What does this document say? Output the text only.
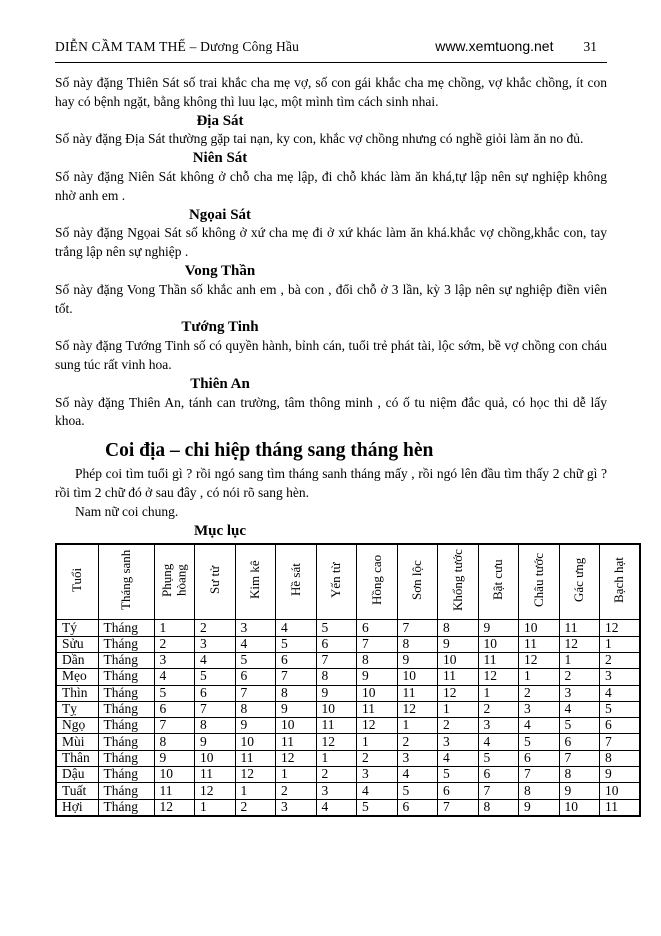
DIỄN CẦM TAM THẾ – Dương Công Hầu	www.xemtuong.net 31

Số này đặng Thiên Sát số trai khắc cha mẹ vợ, số con gái khắc cha mẹ chồng, vợ khắc chồng, ít con hay có bệnh ngặt, bằng không thì luu lạc, một mình tìm cách sinh nhai.

Địa Sát

Số này đặng Địa Sát thường gặp tai nạn, ky con, khắc vợ chồng nhưng có nghề giỏi làm ăn no đủ.

Niên Sát

Số này đặng Niên Sát không ở chỗ cha mẹ lập, đi chỗ khác làm ăn khá,tự lập nên sự nghiệp không nhờ anh em .

Ngọai Sát

Số này đặng Ngọai Sát số không ở xứ cha mẹ đi ở xứ khác làm ăn khá.khắc vợ chồng,khắc con, tay trắng lập nên sự nghiệp .

Vong Thần

Số này đặng Vong Thần số khắc anh em , bà con , đổi chỗ ở 3 lần, kỳ 3 lập nên sự nghiệp điền viên tốt.

Tướng Tinh

Số này đặng Tướng Tinh số có quyền hành, bỉnh cán, tuổi trẻ phát tài, lộc sớm, bề vợ chồng con cháu sung túc rất vinh hoa.

Thiên An

Số này đặng Thiên An, tánh can trường, tâm thông minh , có ố tu niệm đắc quả, có học thi dễ lấy khoa.

Coi địa – chi hiệp tháng sang tháng hèn

Phép coi tìm tuổi gì ? rồi ngó sang tìm tháng sanh tháng mấy , rồi ngó lên đầu tìm thấy 2 chữ gì ? rồi tìm 2 chữ đó ở sau đây , có nói rõ sang hèn.

Nam nữ coi chung.

Mục lục
Tuổi	Tháng sanh	Phụng hòang	Sư tử	Kim kê	Hề sát	Yến từ	Hồng cao	Sơn lộc	Khổng tước	Bật cưu	Châu tước	Gác ưng	Bạch hạt
Tý	Tháng	1	2	3	4	5	6	7	8	9	10	11	12
Sửu	Tháng	2	3	4	5	6	7	8	9	10	11	12	1
Dần	Tháng	3	4	5	6	7	8	9	10	11	12	1	2
Mẹo	Tháng	4	5	6	7	8	9	10	11	12	1	2	3
Thìn	Tháng	5	6	7	8	9	10	11	12	1	2	3	4
Tỵ	Tháng	6	7	8	9	10	11	12	1	2	3	4	5
Ngọ	Tháng	7	8	9	10	11	12	1	2	3	4	5	6
Mùi	Tháng	8	9	10	11	12	1	2	3	4	5	6	7
Thân	Tháng	9	10	11	12	1	2	3	4	5	6	7	8
Dậu	Tháng	10	11	12	1	2	3	4	5	6	7	8	9
Tuất	Tháng	11	12	1	2	3	4	5	6	7	8	9	10
Hợi	Tháng	12	1	2	3	4	5	6	7	8	9	10	11
